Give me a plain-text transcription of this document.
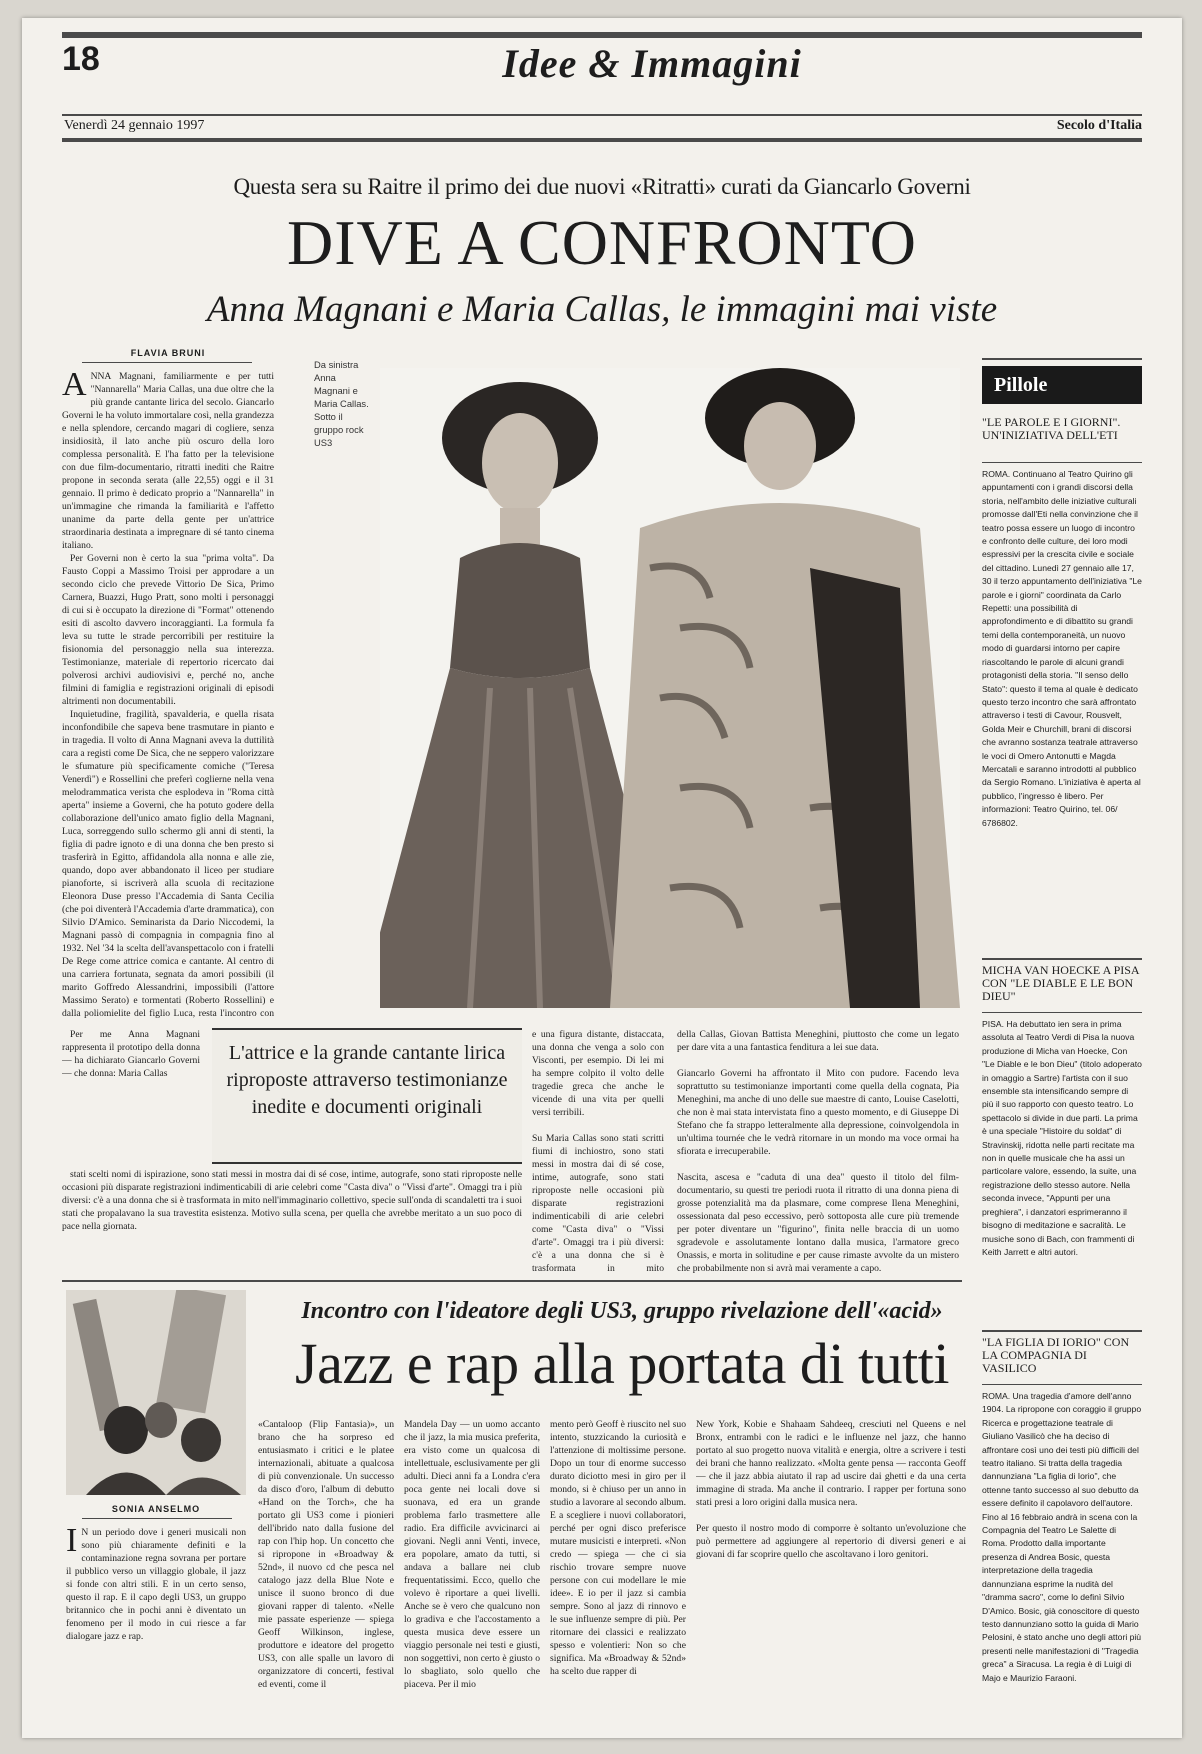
18	Idee & Immagini
Venerdì 24 gennaio 1997	Secolo d'Italia
Questa sera su Raitre il primo dei due nuovi «Ritratti» curati da Giancarlo Governi
DIVE A CONFRONTO
Anna Magnani e Maria Callas, le immagini mai viste
FLAVIA BRUNI
A NNA Magnani, familiarmente e per tutti "Nannarella" Maria Callas, una due oltre che la più grande cantante lirica del secolo. Giancarlo Governi le ha voluto immortalare così, nella grandezza e nella splendore, cercando magari di cogliere, senza insidiosità, il lato anche più oscuro della loro complessa personalità. E l'ha fatto per la televisione con due film-documentario, ritratti inediti che Raitre propone in seconda serata (alle 22,55) oggi e il 31 gennaio. Il primo è dedicato proprio a "Nannarella" in un'immagine che rimanda la familiarità e l'affetto unanime da parte della gente per un'attrice straordinaria destinata a impregnare di sé tanto cinema italiano.

Per Governi non è certo la sua "prima volta". Da Fausto Coppi a Massimo Troisi per approdare a un secondo ciclo che prevede Vittorio De Sica, Primo Carnera, Buazzi, Hugo Pratt, sono molti i personaggi di cui si è occupato la direzione di "Format" ottenendo esiti di ascolto davvero incoraggianti. La formula fa leva su tutte le strade percorribili per restituire la fisionomia del personaggio nella sua interezza. Testimonianze, materiale di repertorio ricercato dai polverosi archivi audiovisivi e, perché no, anche filmini di famiglia e registrazioni originali di episodi altrimenti non documentabili.

Inquietudine, fragilità, spavalderia, e quella risata inconfondibile che sapeva bene trasmutare in pianto e in tragedia. Il volto di Anna Magnani aveva la duttilità cara a registi come De Sica, che ne seppero valorizzare le sfumature più specificamente comiche ("Teresa Venerdì") e Rossellini che preferì coglierne nella vena melodrammatica verista che esplodeva in "Roma città aperta" insieme a Governi, che ha potuto godere della collaborazione dell'unico amato figlio della Magnani, Luca, sorreggendo sullo schermo gli anni di stenti, la figlia di padre ignoto e di una donna che ben presto si trasferirà in Egitto, affidandola alla nonna e alle zie, quando, dopo aver abbandonato il liceo per studiare pianoforte, si iscriverà alla scuola di recitazione Eleonora Duse presso l'Accademia di Santa Cecilia (che poi diventerà l'Accademia d'arte drammatica), con Silvio D'Amico. Seminarista da Dario Niccodemi, la Magnani passò di compagnia in compagnia fino al 1932. Nel '34 la scelta dell'avanspettacolo con i fratelli De Rege come attrice comica e cantante. Al centro di una carriera fortunata, segnata da amori possibili (il marito Goffredo Alessandrini, impossibili (l'attore Massimo Serato) e tormentati (Roberto Rossellini) e dalla poliomielite del figlio Luca, resta l'incontro con

Da sinistra Anna Magnani e Maria Callas. Sotto il gruppo rock US3
L'attrice e la grande cantante lirica riproposte attraverso testimonianze inedite e documenti originali

Per me Anna Magnani rappresenta il prototipo della donna — ha dichiarato Giancarlo Governi — che donna: Maria Callas

e una figura distante, distaccata, una donna che venga a solo con Visconti, per esempio. Di lei mi ha sempre colpito il volto delle tragedie greca che anche le vicende di una vita per quelli versi terribili.

Su Maria Callas sono stati scritti fiumi di inchiostro, sono stati messi in mostra dai di sé cose, intime, autografe, sono stati riproposte nelle occasioni più disparate registrazioni indimenticabili di arie celebri come "Casta diva" o "Vissi d'arte". Omaggi tra i più diversi: c'è a una donna che si è trasformata in mito
della Callas, Giovan Battista Meneghini, piuttosto che come un legato per dare vita a una fantastica fenditura a lei sue data.

Giancarlo Governi ha affrontato il Mito con pudore. Facendo leva soprattutto su testimonianze importanti come quella della cognata, Pia Meneghini, ma anche di uno delle sue maestre di canto, Louise Caselotti, che non è mai stata intervistata fino a questo momento, e di Giuseppe Di Stefano che fa strappo letteralmente alla depressione, coinvolgendola in un'ultima tournée che le vedrà ritornare in un mondo ma voce ormai ha sfiorata e irrecuperabile.

Nascita, ascesa e "caduta di una dea" questo il titolo del film-documentario, su questi tre periodi ruota il ritratto di una donna piena di grosse potenzialità ma da plasmare, come comprese Ilena Meneghini, ossessionata dal peso eccessivo, però sottoposta alle cure più tremende per poter diventare un "figurino", finita nelle braccia di un uomo sgradevole e assolutamente lontano dalla musica, l'armatore greco Onassis, e morta in solitudine e per cause rimaste avvolte da un mistero che probabilmente non si avrà mai veramente a capo.

stati scelti nomi di ispirazione, sono stati messi in mostra dai di sé cose, intime, autografe, sono stati riproposte nelle occasioni più disparate registrazioni indimenticabili di arie celebri come "Casta diva" o "Vissi d'arte". Omaggi tra i più diversi: c'è a una donna che si è trasformata in mito nell'immaginario collettivo, specie sull'onda di scandaletti tra i suoi stati che propalavano la sua travestita esistenza. Motivo sulla scena, per quella che avrebbe meritato a un suo poco di pace nella giornata.

Pillole
"LE PAROLE E I GIORNI". UN'INIZIATIVA DELL'ETI
ROMA. Continuano al Teatro Quirino gli appuntamenti con i grandi discorsi della storia, nell'ambito delle iniziative culturali promosse dall'Eti nella convinzione che il teatro possa essere un luogo di incontro e confronto delle culture, dei loro modi espressivi per la crescita civile e sociale del cittadino. Lunedì 27 gennaio alle 17, 30 il terzo appuntamento dell'iniziativa "Le parole e i giorni" coordinata da Carlo Repetti: una possibilità di approfondimento e di dibattito su grandi temi della contemporaneità, un nuovo modo di guardarsi intorno per capire riascoltando le parole di alcuni grandi protagonisti della storia. "Il senso dello Stato": questo il tema al quale è dedicato questo terzo incontro che sarà affrontato attraverso i testi di Cavour, Rousvelt, Golda Meir e Churchill, brani di discorsi che avranno sostanza teatrale attraverso le voci di Omero Antonutti e Magda Mercatali e saranno introdotti al pubblico da Sergio Romano. L'iniziativa è aperta al pubblico, l'ingresso è libero. Per informazioni: Teatro Quirino, tel. 06/ 6786802.
MICHA VAN HOECKE A PISA CON "LE DIABLE E LE BON DIEU"
PISA. Ha debuttato ien sera in prima assoluta al Teatro Verdi di Pisa la nuova produzione di Micha van Hoecke, Con "Le Diable e le bon Dieu" (titolo adoperato in omaggio a Sartre) l'artista con il suo ensemble sta intensificando sempre di più il suo rapporto con questo teatro. Lo spettacolo si divide in due parti. La prima è una speciale "Histoire du soldat" di Stravinskij, ridotta nelle parti recitate ma non in quelle musicale che ha assi un particolare valore, essendo, la suite, una registrazione dello stesso autore. Nella seconda invece, "Appunti per una preghiera", i danzatori esprimeranno il bisogno di meditazione e sacralità. Le musiche sono di Bach, con frammenti di Keith Jarrett e altri autori.
"LA FIGLIA DI IORIO" CON LA COMPAGNIA DI VASILICO
ROMA. Una tragedia d'amore dell'anno 1904. La ripropone con coraggio il gruppo Ricerca e progettazione teatrale di Giuliano Vasilicò che ha deciso di affrontare così uno dei testi più difficili del teatro italiano. Si tratta della tragedia dannunziana "La figlia di Iorio", che ottenne tanto successo al suo debutto da essere definito il capolavoro dell'autore. Fino al 16 febbraio andrà in scena con la Compagnia del Teatro Le Salette di Roma. Prodotto dalla importante presenza di Andrea Bosic, questa interpretazione della tragedia dannunziana esprime la nudità del "dramma sacro", come lo definì Silvio D'Amico. Bosic, già conoscitore di questo testo dannunziano sotto la guida di Mario Pelosini, è stato anche uno degli attori più presenti nelle manifestazioni di "Tragedia greca" a Siracusa. La regia è di Luigi di Majo e Maurizio Faraoni.
SONIA ANSELMO
Incontro con l'ideatore degli US3, gruppo rivelazione dell'«acid»
Jazz e rap alla portata di tutti
I N un periodo dove i generi musicali non sono più chiaramente definiti e la contaminazione regna sovrana per portare il pubblico verso un villaggio globale, il jazz si fonde con altri stili. E in un certo senso, questo il rap. E il capo degli US3, un gruppo britannico che in pochi anni è diventato un fenomeno per il modo in cui riesce a far dialogare jazz e rap.
«Cantaloop (Flip Fantasia)», un brano che ha sorpreso ed entusiasmato i critici e le platee internazionali, abituate a qualcosa di più convenzionale. Un successo da disco d'oro, l'album di debutto «Hand on the Torch», che ha portato gli US3 come i pionieri dell'ibrido nato dalla fusione del rap con l'hip hop. Un concetto che si ripropone in «Broadway & 52nd», il nuovo cd che pesca nel catalogo jazz della Blue Note e unisce il suono bronco di due giovani rapper di talento. «Nelle mie passate esperienze — spiega Geoff Wilkinson, inglese, produttore e ideatore del progetto US3, con alle spalle un lavoro di organizzatore di concerti, festival ed eventi, come il
Mandela Day — un uomo accanto che il jazz, la mia musica preferita, era visto come un qualcosa di intellettuale, esclusivamente per gli adulti. Dieci anni fa a Londra c'era poca gente nei locali dove si suonava, ed era un grande problema farlo trasmettere alle radio. Era difficile avvicinarci ai giovani. Negli anni Venti, invece, era popolare, amato da tutti, si andava a ballare nei club frequentatissimi. Ecco, quello che volevo è riportare a quei livelli. Anche se è vero che qualcuno non lo gradiva e che l'accostamento a questa musica deve essere un viaggio personale nei testi e giusti, non soggettivi, non certo è giusto o lo sbagliato, solo quello che piaceva. Per il mio
mento però Geoff è riuscito nel suo intento, stuzzicando la curiosità e l'attenzione di moltissime persone. Dopo un tour di enorme successo durato diciotto mesi in giro per il mondo, si è chiuso per un anno in studio a lavorare al secondo album. E a scegliere i nuovi collaboratori, perché per ogni disco preferisce mutare musicisti e interpreti. «Non credo — spiega — che ci sia rischio trovare sempre nuove persone con cui modellare le mie idee». E io per il jazz si cambia sempre. Sono al jazz di rinnovo e le sue influenze sempre di più. Per ritornare dei classici e realizzato spesso e volentieri: Non so che significa. Ma «Broadway & 52nd» ha scelto due rapper di
New York, Kobie e Shahaam Sahdeeq, cresciuti nel Queens e nel Bronx, entrambi con le radici e le influenze nel jazz, che hanno portato al suo progetto nuova vitalità e energia, oltre a scrivere i testi dei brani che hanno realizzato. «Molta gente pensa — racconta Geoff — che il jazz abbia aiutato il rap ad uscire dai ghetti e da una certa immagine di strada. Ma anche il contrario. I rapper per fortuna sono stati presi a loro origini dalla musica nera.

Per questo il nostro modo di comporre è soltanto un'evoluzione che può permettere ad aggiungere al repertorio di diversi generi e ai giovani di far scoprire quello che ascoltavano i loro genitori.
